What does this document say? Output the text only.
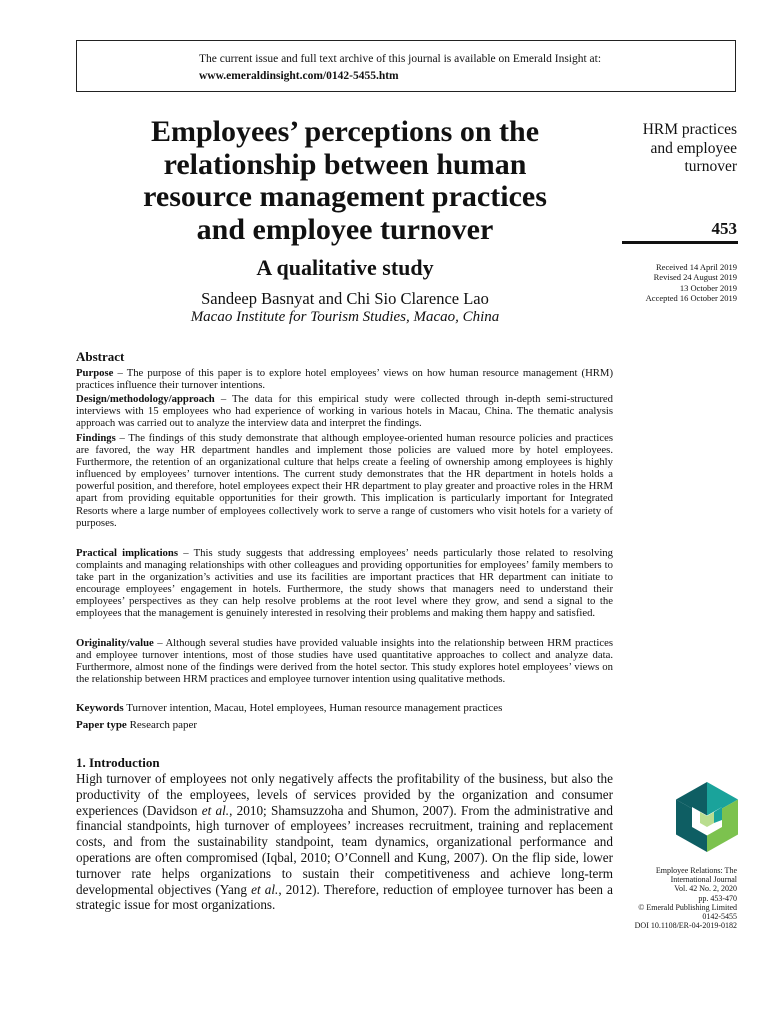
The current issue and full text archive of this journal is available on Emerald Insight at:
www.emeraldinsight.com/0142-5455.htm
Employees’ perceptions on the
relationship between human
resource management practices
and employee turnover
A qualitative study
Sandeep Basnyat and Chi Sio Clarence Lao
Macao Institute for Tourism Studies, Macao, China
HRM practices
and employee
turnover
453
Received 14 April 2019
Revised 24 August 2019
13 October 2019
Accepted 16 October 2019
Abstract
Purpose – The purpose of this paper is to explore hotel employees’ views on how human resource management (HRM) practices influence their turnover intentions.
Design/methodology/approach – The data for this empirical study were collected through in-depth semi-structured interviews with 15 employees who had experience of working in various hotels in Macau, China. The thematic analysis approach was carried out to analyze the interview data and interpret the findings.
Findings – The findings of this study demonstrate that although employee-oriented human resource policies and practices are favored, the way HR department handles and implement those policies are valued more by hotel employees. Furthermore, the retention of an organizational culture that helps create a feeling of ownership among employees is highly influenced by employees’ turnover intentions. The current study demonstrates that the HR department in hotels holds a powerful position, and therefore, hotel employees expect their HR department to play greater and proactive roles in the HRM apart from providing equitable opportunities for their growth. This implication is particularly important for Integrated Resorts where a large number of employees collectively work to serve a range of customers who visit hotels for a variety of purposes.
Practical implications – This study suggests that addressing employees’ needs particularly those related to resolving complaints and managing relationships with other colleagues and providing opportunities for employees’ family members to take part in the organization’s activities and use its facilities are important practices that HR department can initiate to encourage employees’ engagement in hotels. Furthermore, the study shows that managers need to understand their employees’ perspectives as they can help resolve problems at the root level where they grow, and send a signal to the employees that the management is genuinely interested in resolving their problems and making them happy and satisfied.
Originality/value – Although several studies have provided valuable insights into the relationship between HRM practices and employee turnover intentions, most of those studies have used quantitative approaches to collect and analyze data. Furthermore, almost none of the findings were derived from the hotel sector. This study explores hotel employees’ views on the relationship between HRM practices and employee turnover intention using qualitative methods.
Keywords Turnover intention, Macau, Hotel employees, Human resource management practices
Paper type Research paper
1. Introduction
High turnover of employees not only negatively affects the profitability of the business, but also the productivity of the employees, levels of services provided by the organization and consumer experiences (Davidson et al., 2010; Shamsuzzoha and Shumon, 2007). From the administrative and financial standpoints, high turnover of employees’ increases recruitment, training and replacement costs, and from the sustainability standpoint, team dynamics, organizational performance and operations are often compromised (Iqbal, 2010; O’Connell and Kung, 2007). On the flip side, lower turnover rate helps organizations to sustain their competitiveness and achieve long-term developmental objectives (Yang et al., 2012). Therefore, reduction of employee turnover has been a strategic issue for most organizations.
Employee Relations: The
International Journal
Vol. 42 No. 2, 2020
pp. 453-470
© Emerald Publishing Limited
0142-5455
DOI 10.1108/ER-04-2019-0182
